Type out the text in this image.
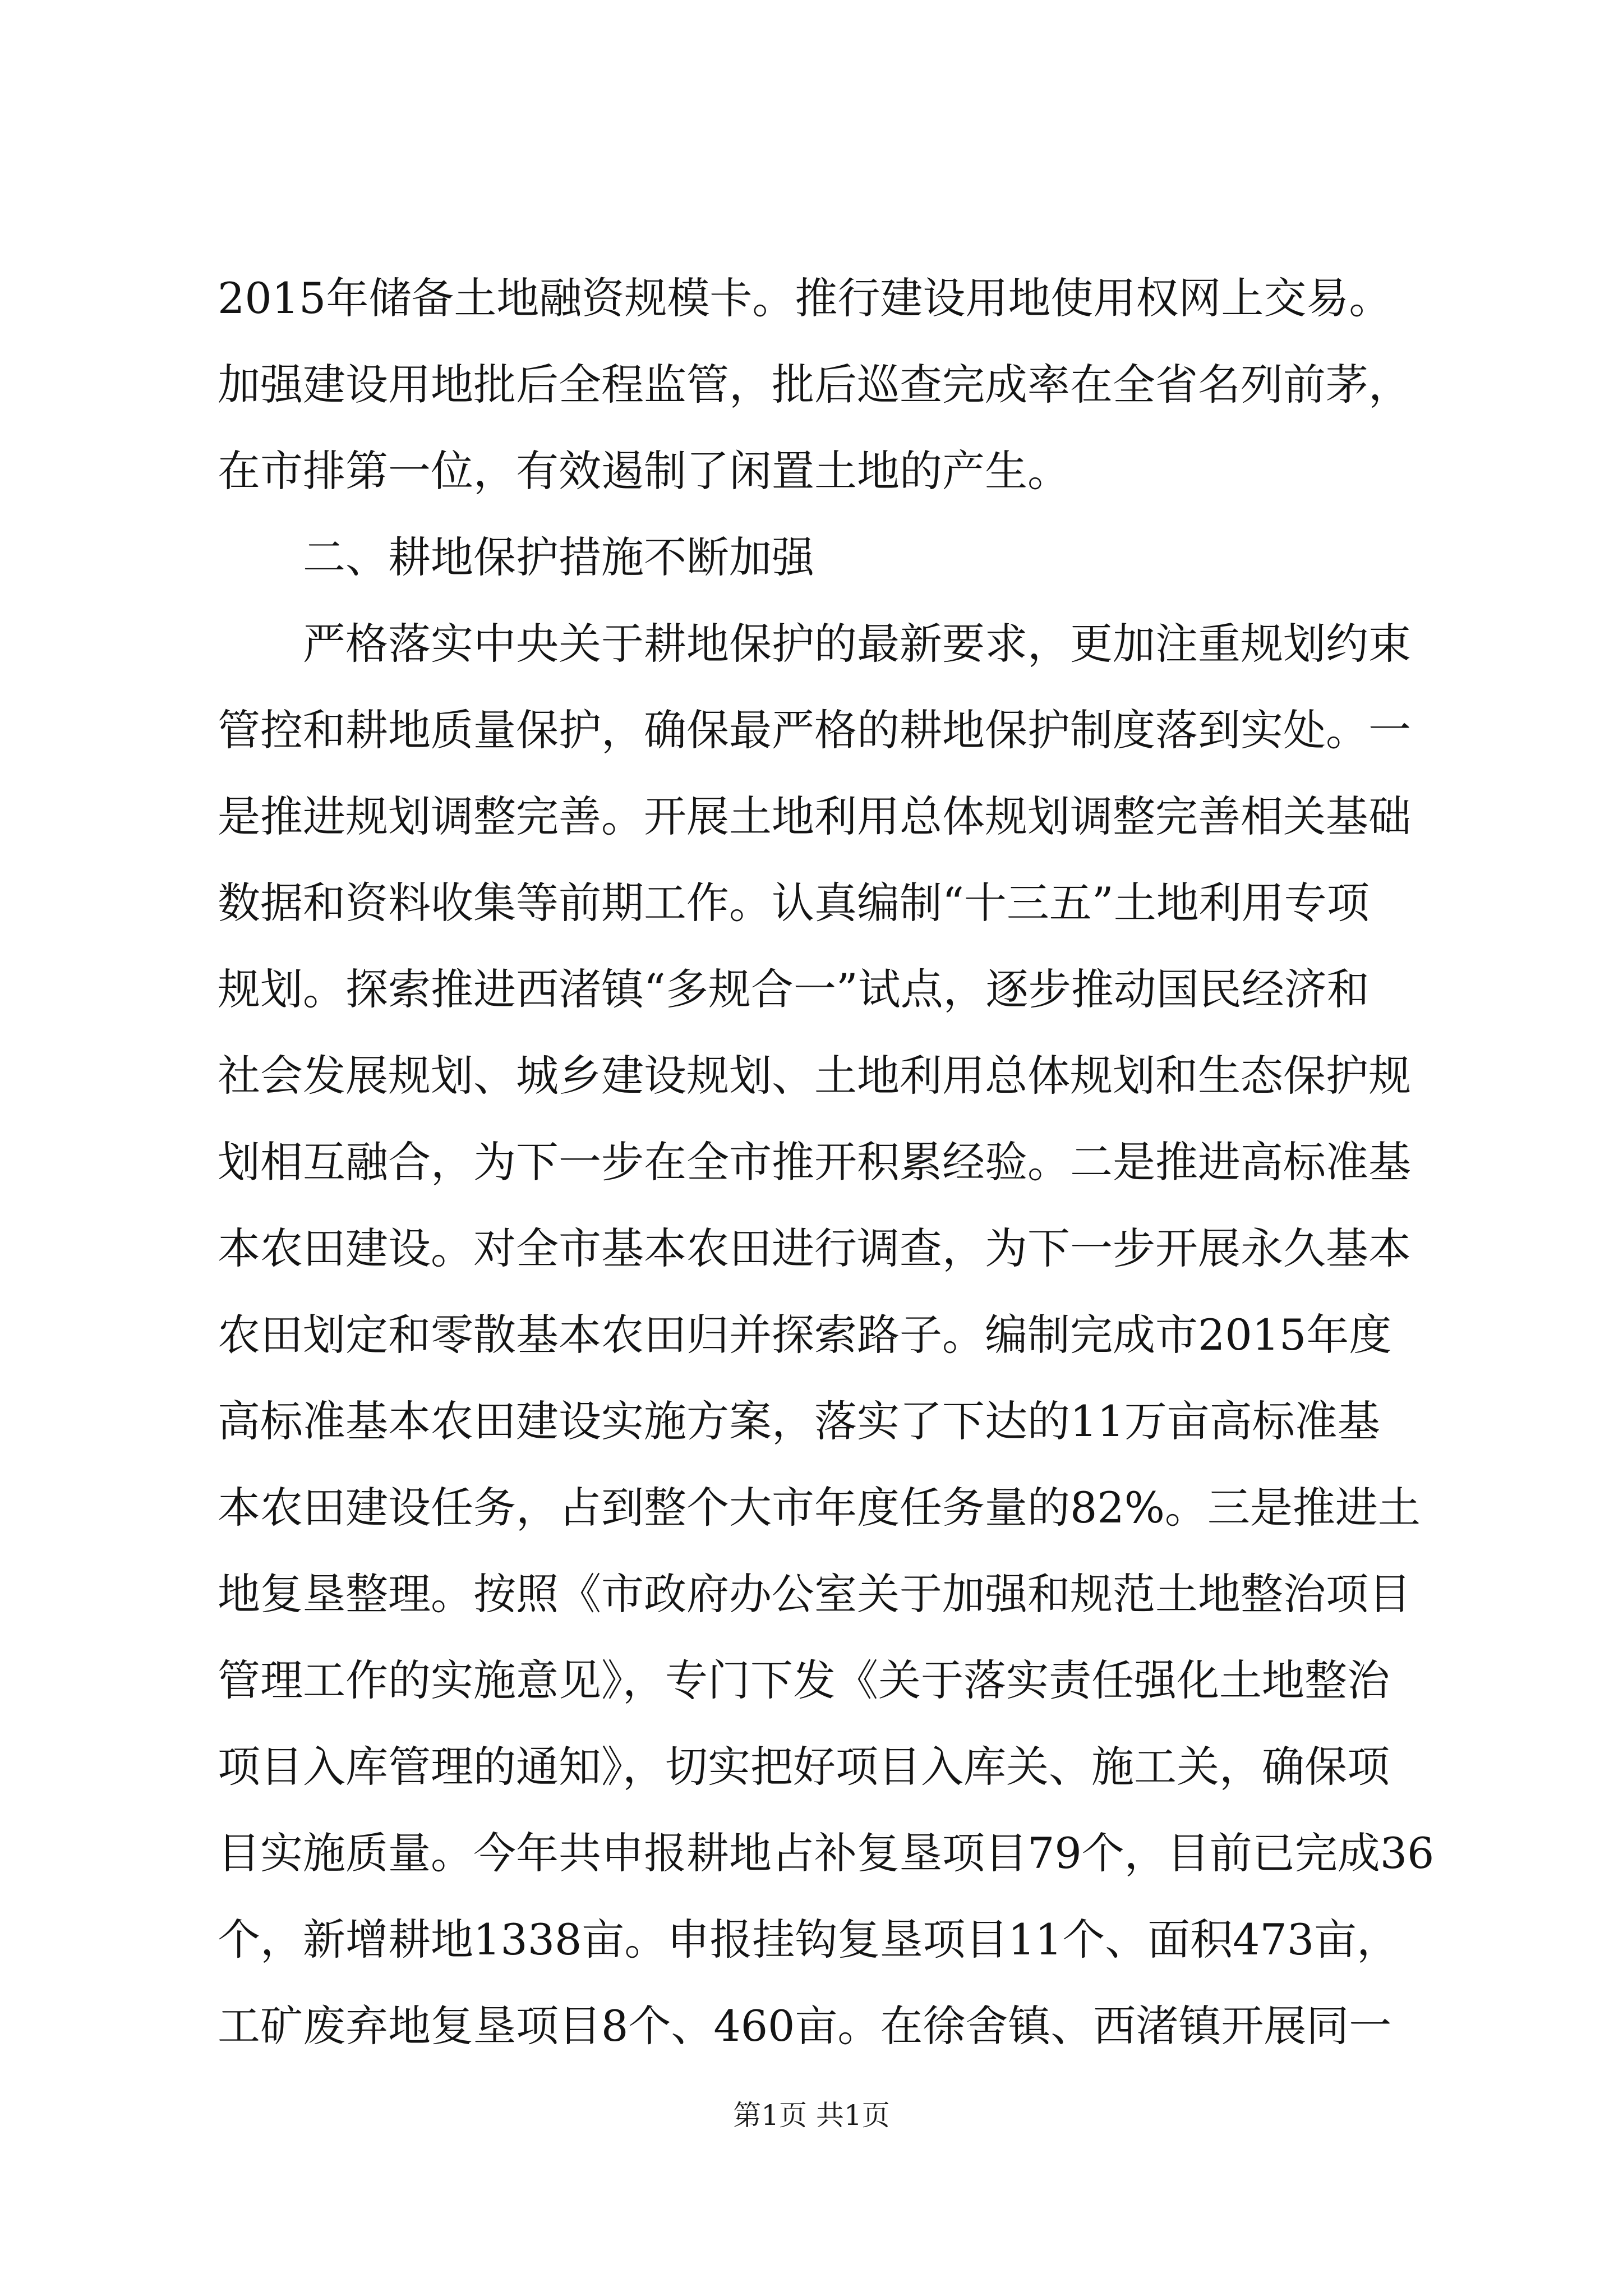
2015年储备土地融资规模卡。推行建设用地使用权网上交易。
加强建设用地批后全程监管，批后巡查完成率在全省名列前茅，
在市排第一位，有效遏制了闲置土地的产生。
二、耕地保护措施不断加强
严格落实中央关于耕地保护的最新要求，更加注重规划约束
管控和耕地质量保护，确保最严格的耕地保护制度落到实处。一
是推进规划调整完善。开展土地利用总体规划调整完善相关基础
数据和资料收集等前期工作。认真编制“十三五”土地利用专项
规划。探索推进西渚镇“多规合一”试点，逐步推动国民经济和
社会发展规划、城乡建设规划、土地利用总体规划和生态保护规
划相互融合，为下一步在全市推开积累经验。二是推进高标准基
本农田建设。对全市基本农田进行调查，为下一步开展永久基本
农田划定和零散基本农田归并探索路子。编制完成市2015年度
高标准基本农田建设实施方案，落实了下达的11万亩高标准基
本农田建设任务，占到整个大市年度任务量的82%。三是推进土
地复垦整理。按照《市政府办公室关于加强和规范土地整治项目
管理工作的实施意见》，专门下发《关于落实责任强化土地整治
项目入库管理的通知》，切实把好项目入库关、施工关，确保项
目实施质量。今年共申报耕地占补复垦项目79个，目前已完成36
个，新增耕地1338亩。申报挂钩复垦项目11个、面积473亩，
工矿废弃地复垦项目8个、460亩。在徐舍镇、西渚镇开展同一
第1页 共1页
